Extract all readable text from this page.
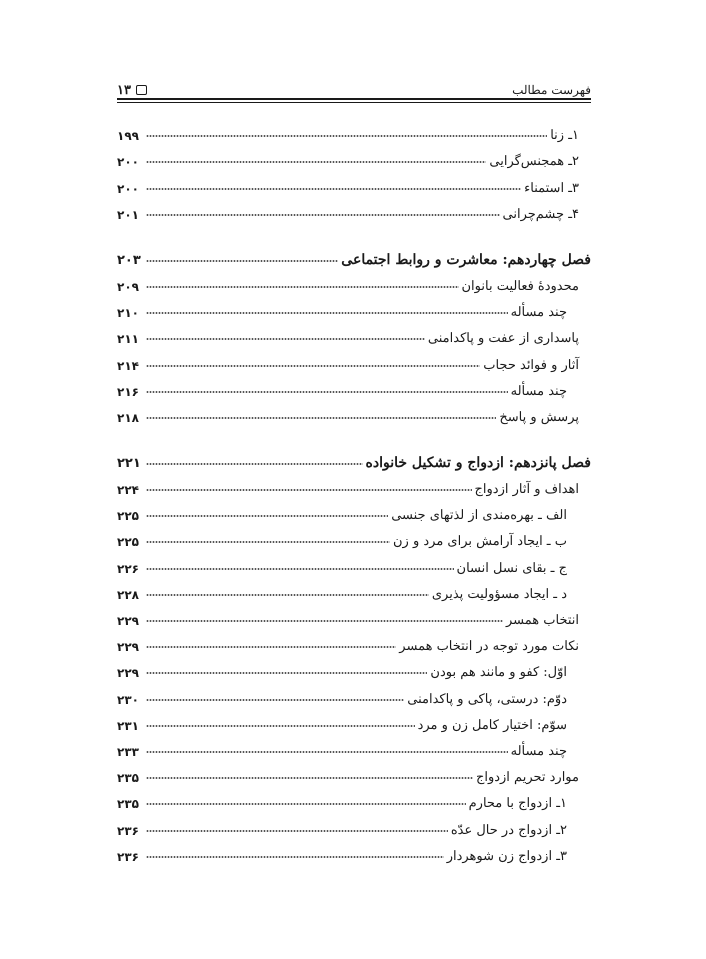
۱۳	فهرست مطالب
۱ـ زنا
۱۹۹
۲ـ همجنس‌گرایی
۲۰۰
۳ـ استمناء
۲۰۰
۴ـ چشم‌چرانی
۲۰۱
فصل چهاردهم: معاشرت و روابط اجتماعی
۲۰۳
محدودهٔ فعالیت بانوان
۲۰۹
چند مسأله
۲۱۰
پاسداری از عفت و پاکدامنی
۲۱۱
آثار و فوائد حجاب
۲۱۴
چند مسأله
۲۱۶
پرسش و پاسخ
۲۱۸
فصل پانزدهم: ازدواج و تشکیل خانواده
۲۲۱
اهداف و آثار ازدواج
۲۲۴
الف ـ بهره‌مندی از لذتهای جنسی
۲۲۵
ب ـ ایجاد آرامش برای مرد و زن
۲۲۵
ج ـ بقای نسل انسان
۲۲۶
د ـ ایجاد مسؤولیت پذیری
۲۲۸
انتخاب همسر
۲۲۹
نکات مورد توجه در انتخاب همسر
۲۲۹
اوّل: کفو و مانند هم بودن
۲۲۹
دوّم: درستی، پاکی و پاکدامنی
۲۳۰
سوّم: اختیار کامل زن و مرد
۲۳۱
چند مسأله
۲۳۳
موارد تحریم ازدواج
۲۳۵
۱ـ ازدواج با محارم
۲۳۵
۲ـ ازدواج در حال عدّه
۲۳۶
۳ـ ازدواج زن شوهردار
۲۳۶
